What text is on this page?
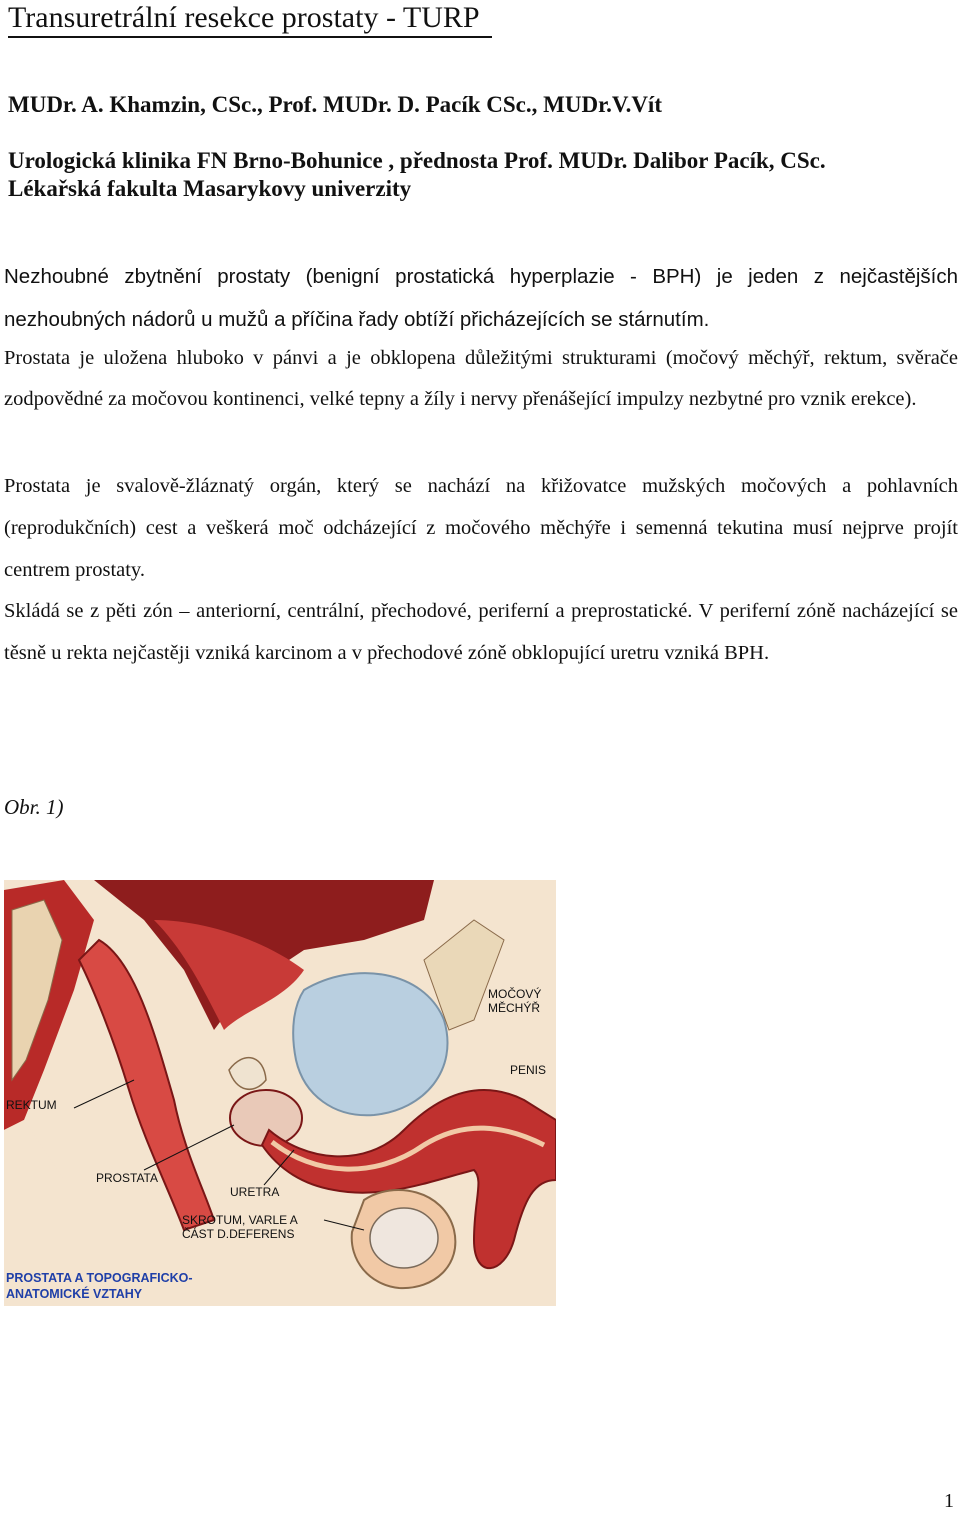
Transuretrální resekce prostaty - TURP
MUDr. A. Khamzin, CSc., Prof. MUDr. D. Pacík CSc., MUDr.V.Vít
Urologická klinika FN Brno-Bohunice , přednosta Prof. MUDr. Dalibor Pacík, CSc.
Lékařská fakulta Masarykovy univerzity
Nezhoubné zbytnění prostaty (benigní prostatická hyperplazie - BPH) je jeden z nejčastějších nezhoubných nádorů u mužů a příčina řady obtíží přicházejících se stárnutím.
Prostata je uložena hluboko v pánvi a je obklopena důležitými strukturami (močový měchýř, rektum, svěrače zodpovědné za močovou kontinenci, velké tepny a žíly i nervy přenášející impulzy nezbytné pro vznik erekce).
Prostata je svalově-žláznatý orgán, který se nachází na křižovatce mužských močových a pohlavních (reprodukčních) cest a veškerá moč odcházející z močového měchýře i semenná tekutina musí nejprve projít centrem prostaty.
Skládá se z pěti zón – anteriorní, centrální, přechodové, periferní a preprostatické. V periferní zóně nacházející se těsně u rekta nejčastěji vzniká karcinom a v přechodové zóně obklopující uretru vzniká BPH.
Obr. 1)
MOČOVÝ
MĚCHÝŘ
PENIS
REKTUM
PROSTATA
URETRA
SKROTUM, VARLE A
ČÁST D.DEFERENS
PROSTATA A TOPOGRAFICKO-
ANATOMICKÉ VZTAHY
1
